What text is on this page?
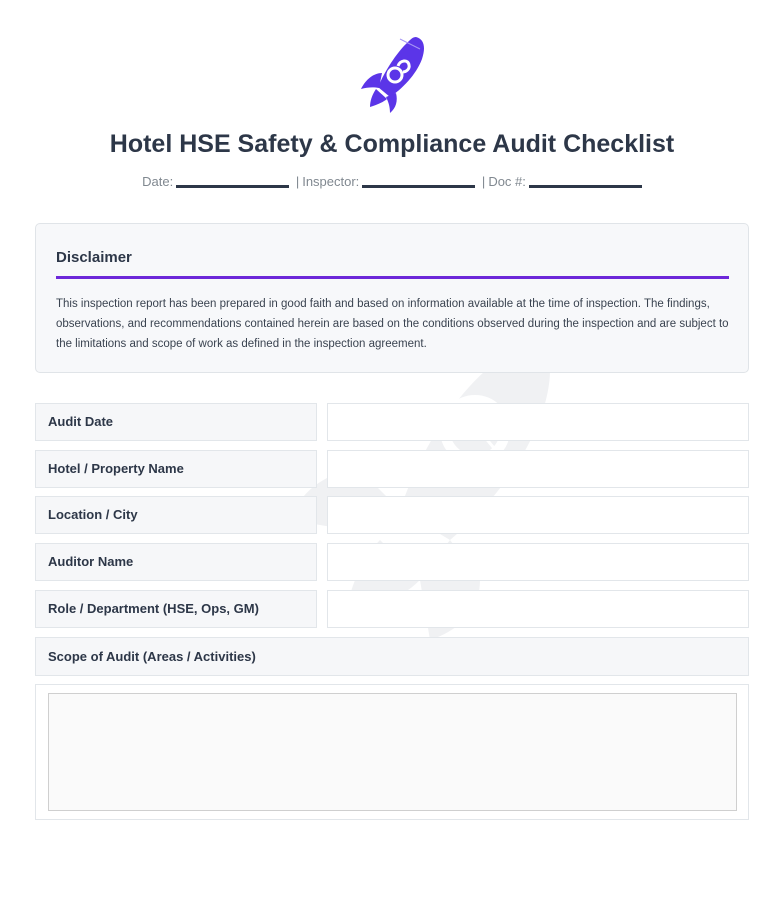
Hotel HSE Safety & Compliance Audit Checklist
Date:	| Inspector:	| Doc #:
Disclaimer

This inspection report has been prepared in good faith and based on information available at the time of inspection. The findings, observations, and recommendations contained herein are based on the conditions observed during the inspection and are subject to the limitations and scope of work as defined in the inspection agreement.

Audit Date
Hotel / Property Name
Location / City
Auditor Name
Role / Department (HSE, Ops, GM)
Scope of Audit (Areas / Activities)
